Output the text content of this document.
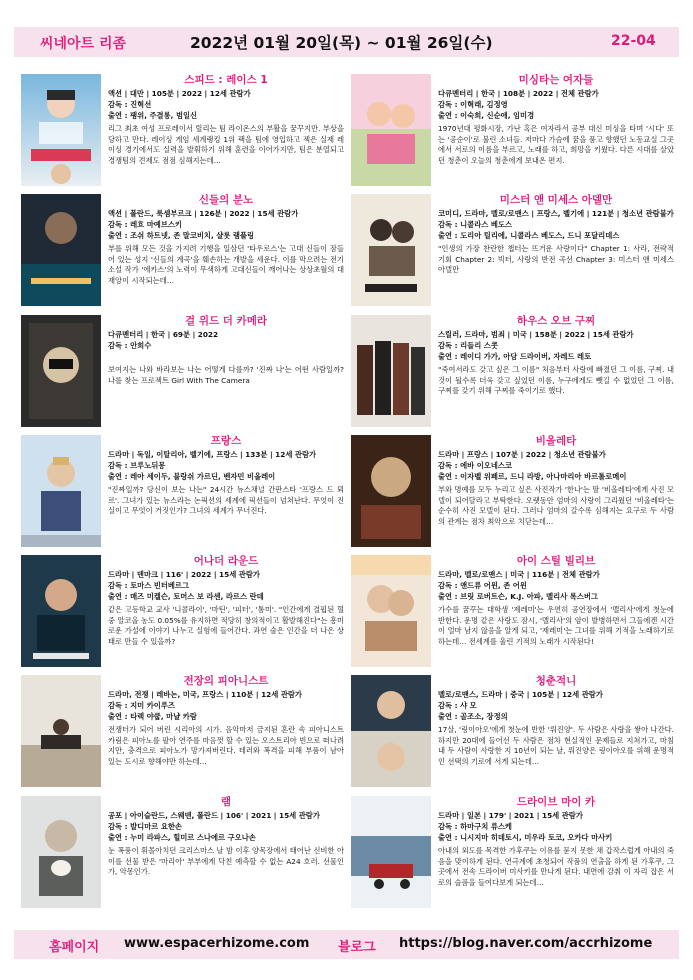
씨네아트 리좀	2022년 01월 20일(목) ~ 01월 26일(수)	22-04
스피드 : 레이스 1
액션 | 대만 | 105분 | 2022 | 12세 관람가
감독 : 진혁선
출연 : 팽위, 주결롱, 범일신
리그 최초 여성 프로레이서 릴리는 팀 라이온스의 부활을 꿈꾸지만. 부상을 당하고 만다. 레이싱 게임 세계랭킹 1위 팩을 팀에 영입하고 젝은 실제 레이싱 경기에서도 실력을 발휘하기 위해 훈련을 이어가지만, 팀은 분열되고 경쟁팀의 견제도 점점 심해지는데…
미싱타는 여자들
다큐멘터리 | 한국 | 108분 | 2022 | 전체 관람가
감독 : 이혁래, 김정영
출연 : 이숙희, 신순애, 임미경
1970년대 평화시장, 가난 혹은 여자라서 공부 대신 미싱을 타며 '시다' 또는 '공순이'로 불린 소녀들. 저마다 가슴에 꿈을 품고 향했던 노동교실 그곳에서 서로의 이름을 부르고, 노래를 하고, 희망을 키웠다. 다른 시대를 살았던 청춘이 오늘의 청춘에게 보내온 편지.
신들의 분노
액션 | 폴란드, 룩셈부르크 | 126분 | 2022 | 15세 관람가
감독 : 레흐 마예브스키
출연 : 조쉬 하트넷, 존 말코비치, 샬롯 램플링
부를 위해 모든 것을 가지려 기행을 일삼던 '타우로스'는 고대 신들이 잠들어 있는 성지 '신들의 계곡'을 훼손하는 개발을 세운다. 이를 막으려는 전기 소설 작가 '에카스'의 노력이 무색하게 고대신들이 깨어나는 상상초월의 대재앙이 시작되는데…
미스터 앤 미세스 아델만
코미디, 드라마, 멜로/로맨스 | 프랑스, 벨기에 | 121분 | 청소년 관람불가
감독 : 니콜라스 베도스
출연 : 도리아 틸리에, 니콜라스 베도스, 드니 포달리데스
"인생의 가장 찬란한 챕터는 뜨거운 사랑이다" Chapter 1: 사라, 전략적 기회 Chapter 2: 빅터, 사랑의 반전 곡선 Chapter 3: 미스터 앤 미세스 아델만
걸 위드 더 카메라
다큐멘터리 | 한국 | 69분 | 2022
감독 : 안희수
보여지는 나와 바라보는 나는 어떻게 다를까? '진짜 나'는 어떤 사람일까? 나를 찾는 프로젝트 Girl With The Camera
하우스 오브 구찌
스릴러, 드라마, 범죄 | 미국 | 158분 | 2022 | 15세 관람가
감독 : 리들리 스콧
출연 : 레이디 가가, 아담 드라이버, 자레드 레토
"죽여서라도 갖고 싶은 그 이름" 처음부터 사랑에 빠졌던 그 이름, 구찌. 내 것이 될수록 더욱 갖고 싶었던 이름, 누구에게도 뺏길 수 없었던 그 이름, 구찌를 갖기 위해 구찌를 죽이기로 했다.
프랑스
드라마 | 독일, 이탈리아, 벨기에, 프랑스 | 133분 | 12세 관람가
감독 : 브루노뒤몽
출연 : 레아 세이두, 블랑쉬 가르딘, 벤자민 비올레이
"진짜일까? 당신이 보는 나는" 24시간 뉴스채널 간판스타 '프랑스 드 뫼르'. 그녀가 있는 뉴스라는 논픽션의 세계에 픽션들이 넘쳐난다. 무엇이 진실이고 무엇이 거짓인가? 그녀의 세계가 무너진다.
비올레타
드라마 | 프랑스 | 107분 | 2022 | 청소년 관람불가
감독 : 에바 이오네스코
출연 : 이자벨 위페르, 드니 라방, 아나마리아 바르톨로메이
부와 명예를 모두 누리고 싶은 사진작가 '한나'는 딸 '비올레타'에게 사진 모델이 되어달라고 부탁한다. 오랫동안 엄마의 사랑이 그리웠던 '비올레타'는 순수히 사진 모델이 된다. 그러나 엄마의 갈수록 심해지는 요구로 두 사람의 관계는 점차 최악으로 치닫는데…
어나더 라운드
드라마 | 덴마크 | 116' | 2022 | 15세 관람가
감독 : 토마스 빈터베르그
출연 : 매즈 미켈슨, 토머스 보 라센, 라르스 란데
같은 고등학교 교사 '니콜라이', '마틴', '피터', '톰미'. "인간에게 결핍된 혈중 알코올 농도 0.05%를 유지하면 적당히 창의적이고 활발해진다"는 흥미로운 가설에 이야기 나누고 실험에 들어간다. 과연 술은 인간을 더 나은 상태로 만들 수 있을까?
아이 스틸 빌리브
드라마, 멜로/로맨스 | 미국 | 116분 | 전체 관람가
감독 : 앤드류 어윈, 존 어윈
출연 : 브릿 로버트슨, K.J. 아파, 멜리사 록스버그
가수를 꿈꾸는 대학생 '제레미'는 우연히 공연장에서 '멜리사'에게 첫눈에 반한다. 운명 같은 사랑도 잠시, '멜리사'의 암이 발병하면서 그들에겐 시간이 얼마 남지 않음을 알게 되고, '제레미'는 그녀를 위해 기적을 노래하기로 하는데… 전세계를 울린 기적의 노래가 시작된다!
전장의 피아니스트
드라마, 전쟁 | 레바논, 미국, 프랑스 | 110분 | 12세 관람가
감독 : 지미 카이루즈
출연 : 타렉 야쿱, 마냘 카람
전쟁터가 되어 버린 시리아의 시가. 음악마저 금지된 혼란 속 피아니스트 카림은 피아노를 팔아 연주를 마음껏 할 수 있는 오스트리아 빈으로 떠나려 지만, 충격으로 피아노가 망가져버린다. 테러와 폭격을 피해 부품이 남아 있는 도시로 향해야만 하는데…
청춘적니
멜로/로맨스, 드라마 | 중국 | 105분 | 12세 관람가
감독 : 샤 모
출연 : 골조소, 장정의
17살, '링이아오'에게 첫눈에 반한 '뤄진양'. 두 사람은 사랑을 쌓아 나간다. 하지만 20대에 들어선 두 사람은 점차 현실적인 문제들로 지쳐가고, 마침내 두 사람이 사랑한 지 10년이 되는 날, 뤄진양은 링이아오를 위해 운명적인 선택의 기로에 서게 되는데…
램
공포 | 아이슬란드, 스웨덴, 폴란드 | 106' | 2021 | 15세 관람가
감독 : 발디마르 요한손
출연 : 누미 라파스, 힐미르 스나에르 구오나손
눈 폭풍이 휘몰아치던 크리스마스 날 밤 이후 양목장에서 태어난 신비한 아이를 선물 받은 '마리아' 부부에게 닥친 예측할 수 없는 A24 호러. 선물인가, 악몽인가.
드라이브 마이 카
드라마 | 일본 | 179' | 2021 | 15세 관람가
감독 : 하마구치 류스케
출연 : 니시지마 히데토시, 미우라 토코, 오카다 마사키
아내의 외도를 목격한 가후쿠는 이유를 묻지 못한 채 갑작스럽게 아내의 죽음을 맞이하게 된다. 연극계에 초청되어 작품의 연출을 하게 된 가후쿠, 그곳에서 전속 드라이버 미사키를 만나게 된다. 내면에 감춰 이 자리 잡은 서로의 슬픔을 들여다보게 되는데…
홈페이지 www.espacerhizome.com 블로그 https://blog.naver.com/accrhizome
